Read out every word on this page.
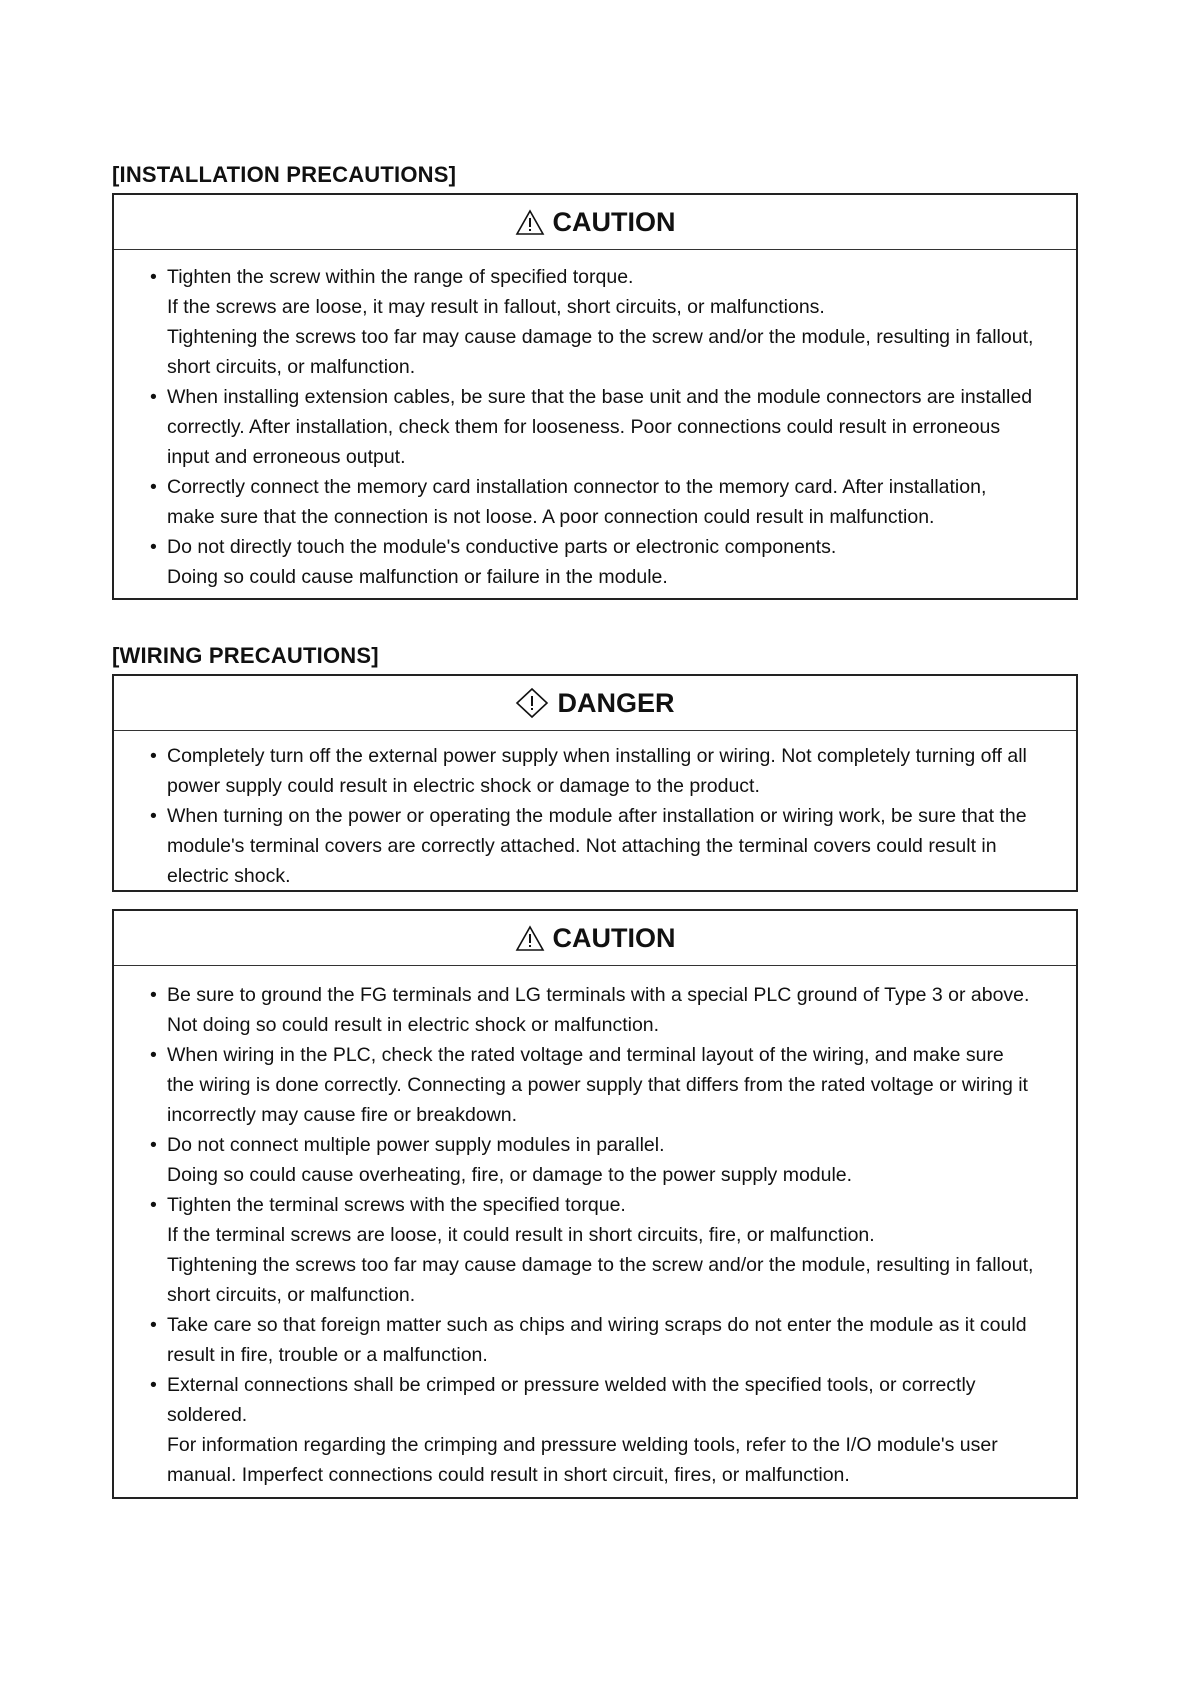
[INSTALLATION PRECAUTIONS]
CAUTION
• Tighten the screw within the range of specified torque.

If the screws are loose, it may result in fallout, short circuits, or malfunctions.

Tightening the screws too far may cause damage to the screw and/or the module, resulting in fallout, short circuits, or malfunction.

• When installing extension cables, be sure that the base unit and the module connectors are installed correctly. After installation, check them for looseness. Poor connections could result in erroneous input and erroneous output.

• Correctly connect the memory card installation connector to the memory card. After installation, make sure that the connection is not loose. A poor connection could result in malfunction.

• Do not directly touch the module's conductive parts or electronic components.

Doing so could cause malfunction or failure in the module.

[WIRING PRECAUTIONS]
DANGER
• Completely turn off the external power supply when installing or wiring. Not completely turning off all power supply could result in electric shock or damage to the product.

• When turning on the power or operating the module after installation or wiring work, be sure that the module's terminal covers are correctly attached. Not attaching the terminal covers could result in electric shock.

CAUTION
• Be sure to ground the FG terminals and LG terminals with a special PLC ground of Type 3 or above. Not doing so could result in electric shock or malfunction.

• When wiring in the PLC, check the rated voltage and terminal layout of the wiring, and make sure the wiring is done correctly. Connecting a power supply that differs from the rated voltage or wiring it incorrectly may cause fire or breakdown.

• Do not connect multiple power supply modules in parallel.

Doing so could cause overheating, fire, or damage to the power supply module.

• Tighten the terminal screws with the specified torque.

If the terminal screws are loose, it could result in short circuits, fire, or malfunction.

Tightening the screws too far may cause damage to the screw and/or the module, resulting in fallout, short circuits, or malfunction.

• Take care so that foreign matter such as chips and wiring scraps do not enter the module as it could result in fire, trouble or a malfunction.

• External connections shall be crimped or pressure welded with the specified tools, or correctly soldered.

For information regarding the crimping and pressure welding tools, refer to the I/O module's user manual. Imperfect connections could result in short circuit, fires, or malfunction.
